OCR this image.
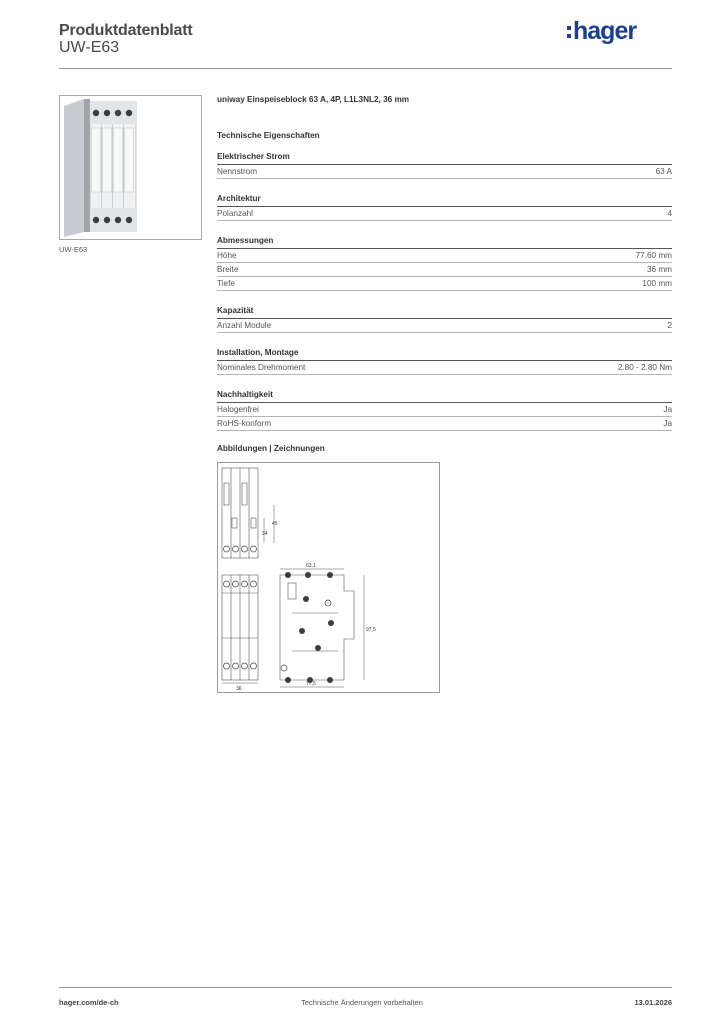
Produktdatenblatt
UW-E63
hager
UW-E63
uniway Einspeiseblock 63 A, 4P, L1L3NL2, 36 mm
Technische Eigenschaften
Elektrischer Strom
Nennstrom	63 A
Architektur
Polanzahl	4
Abmessungen
Höhe	77.60 mm
Breite	36 mm
Tiefe	100 mm
Kapazität
Anzahl Module	2
Installation, Montage
Nominales Drehmoment	2.80 - 2.80 Nm
Nachhaltigkeit
Halogenfrei	Ja
RoHS-konform	Ja
Abbildungen | Zeichnungen
34
45
36
63,1
77,5
97,5
hager.com/de-ch	Technische Änderungen vorbehalten	13.01.2026
